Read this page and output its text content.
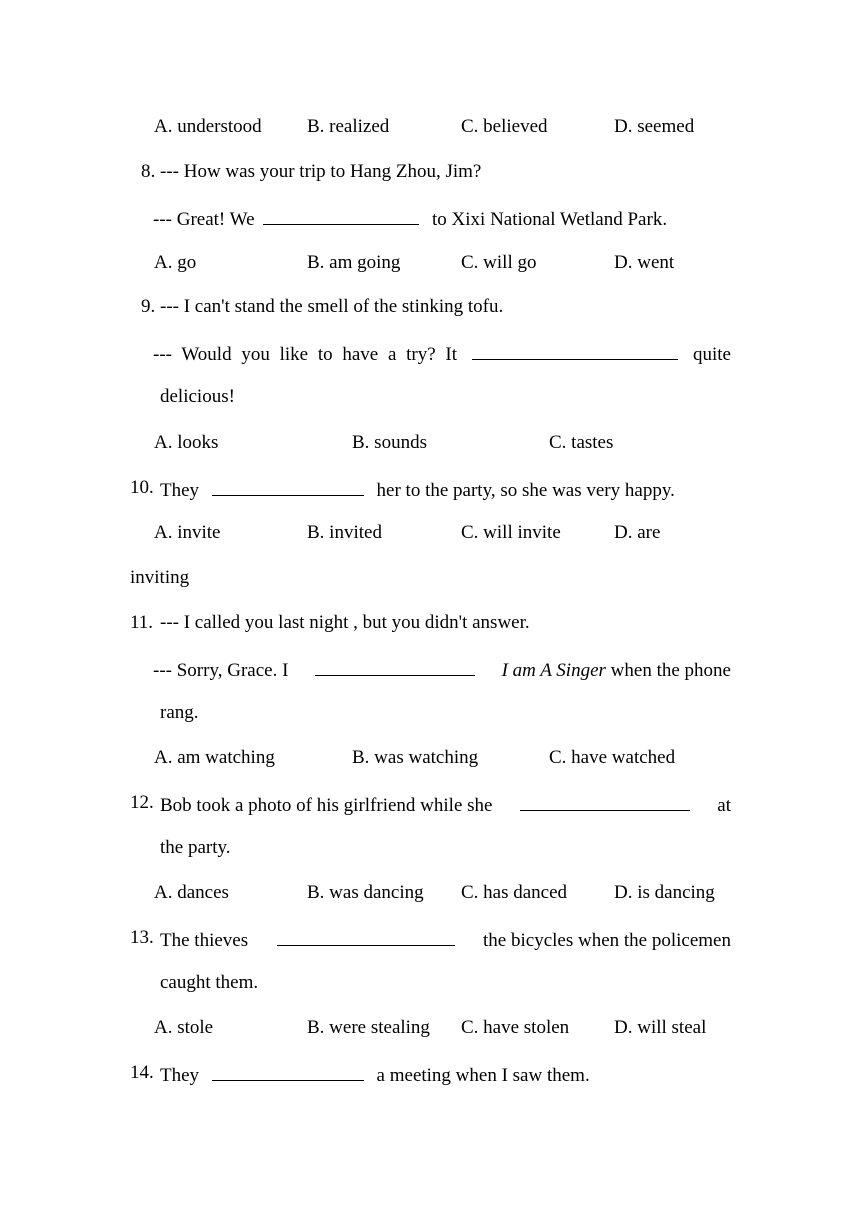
A. understood B. realized	C. believed	D. seemed
8. --- How was your trip to Hang Zhou, Jim?
--- Great! We	to Xixi National Wetland Park.
A. go	B. am going	C. will go	D. went
9. --- I can't stand the smell of the stinking tofu.
--- Would you like to have a try? It	quite
delicious!
A. looks	B. sounds	C. tastes
10. They	her to the party, so she was very happy.
A. invite	B. invited	C. will invite	D. are
inviting
11. --- I called you last night , but you didn't answer.
--- Sorry, Grace. I	I am A Singer when the phone
rang.
A. am watching	B. was watching	C. have watched
12. Bob took a photo of his girlfriend while she	at
the party.
A. dances	B. was dancing C. has danced D. is dancing
13. The thieves	the bicycles when the policemen
caught them.
A. stole	B. were stealing C. have stolen D. will steal
14. They	a meeting when I saw them.
